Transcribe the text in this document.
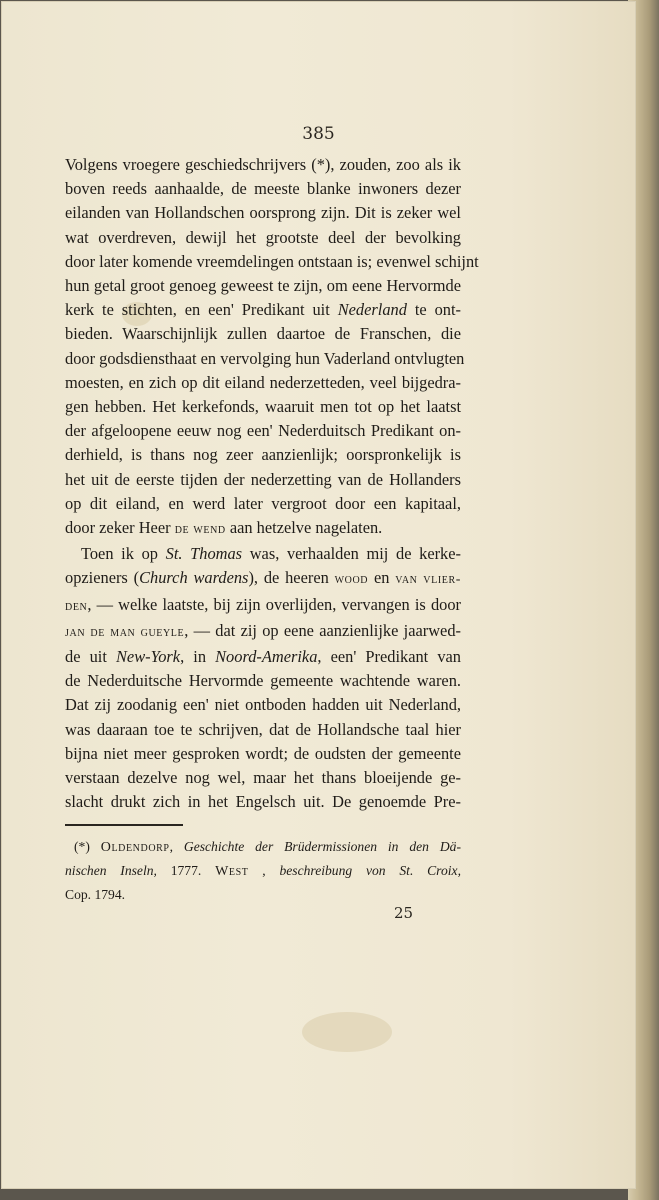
385
Volgens vroegere geschiedschrijvers (*), zouden, zoo als ik
boven reeds aanhaalde, de meeste blanke inwoners dezer
eilanden van Hollandschen oorsprong zijn. Dit is zeker wel
wat overdreven, dewijl het grootste deel der bevolking
door later komende vreemdelingen ontstaan is; evenwel schijnt
hun getal groot genoeg geweest te zijn, om eene Hervormde
kerk te stichten, en een' Predikant uit Nederland te ont-
bieden. Waarschijnlijk zullen daartoe de Franschen, die
door godsdiensthaat en vervolging hun Vaderland ontvlugten
moesten, en zich op dit eiland nederzetteden, veel bijgedra-
gen hebben. Het kerkefonds, waaruit men tot op het laatst
der afgeloopene eeuw nog een' Nederduitsch Predikant on-
derhield, is thans nog zeer aanzienlijk; oorspronkelijk is
het uit de eerste tijden der nederzetting van de Hollanders
op dit eiland, en werd later vergroot door een kapitaal,
door zeker Heer de wend aan hetzelve nagelaten.
Toen ik op St. Thomas was, verhaalden mij de kerke-
opzieners (Church wardens), de heeren wood en van vlier-
den, — welke laatste, bij zijn overlijden, vervangen is door
jan de man gueyle, — dat zij op eene aanzienlijke jaarwed-
de uit New-York, in Noord-Amerika, een' Predikant van
de Nederduitsche Hervormde gemeente wachtende waren.
Dat zij zoodanig een' niet ontboden hadden uit Nederland,
was daaraan toe te schrijven, dat de Hollandsche taal hier
bijna niet meer gesproken wordt; de oudsten der gemeente
verstaan dezelve nog wel, maar het thans bloeijende ge-
slacht drukt zich in het Engelsch uit. De genoemde Pre-
(*) Oldendorp, Geschichte der Brüdermissionen in den Dä-
nischen Inseln, 1777. West , beschreibung von St. Croix,
Cop. 1794.
25
